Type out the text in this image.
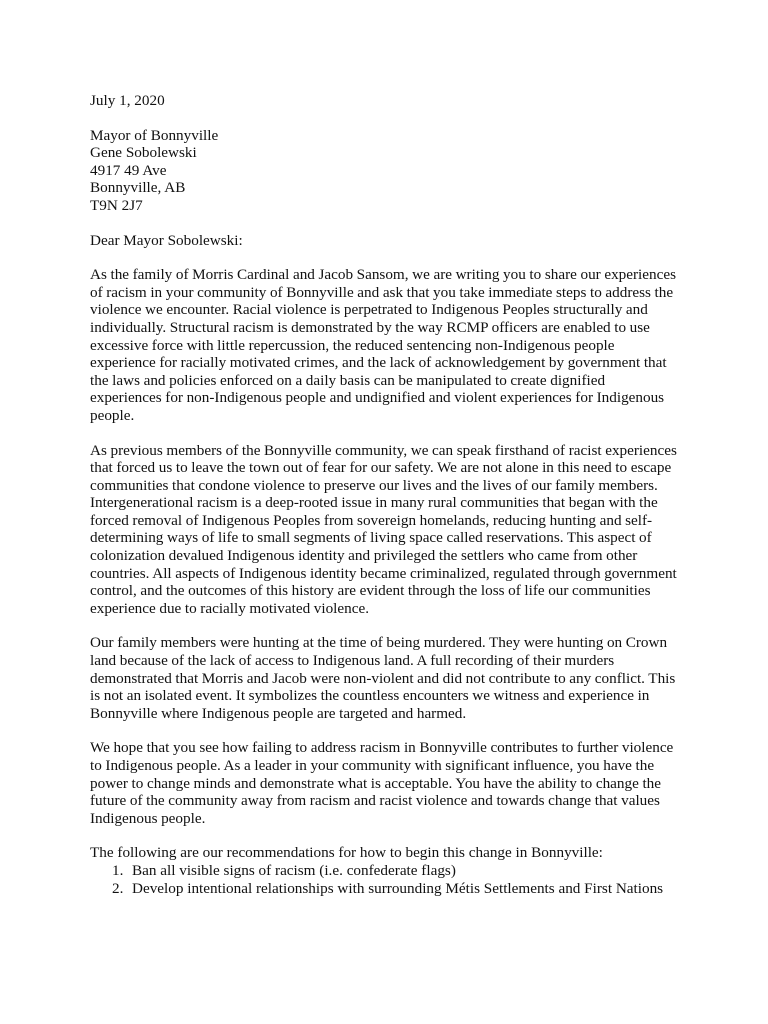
July 1, 2020
Mayor of Bonnyville
Gene Sobolewski
4917 49 Ave
Bonnyville, AB
T9N 2J7
Dear Mayor Sobolewski:

As the family of Morris Cardinal and Jacob Sansom, we are writing you to share our experiences of racism in your community of Bonnyville and ask that you take immediate steps to address the violence we encounter. Racial violence is perpetrated to Indigenous Peoples structurally and individually. Structural racism is demonstrated by the way RCMP officers are enabled to use excessive force with little repercussion, the reduced sentencing non-Indigenous people experience for racially motivated crimes, and the lack of acknowledgement by government that the laws and policies enforced on a daily basis can be manipulated to create dignified experiences for non-Indigenous people and undignified and violent experiences for Indigenous people.

As previous members of the Bonnyville community, we can speak firsthand of racist experiences that forced us to leave the town out of fear for our safety. We are not alone in this need to escape communities that condone violence to preserve our lives and the lives of our family members. Intergenerational racism is a deep-rooted issue in many rural communities that began with the forced removal of Indigenous Peoples from sovereign homelands, reducing hunting and self-determining ways of life to small segments of living space called reservations. This aspect of colonization devalued Indigenous identity and privileged the settlers who came from other countries. All aspects of Indigenous identity became criminalized, regulated through government control, and the outcomes of this history are evident through the loss of life our communities experience due to racially motivated violence.

Our family members were hunting at the time of being murdered. They were hunting on Crown land because of the lack of access to Indigenous land. A full recording of their murders demonstrated that Morris and Jacob were non-violent and did not contribute to any conflict. This is not an isolated event. It symbolizes the countless encounters we witness and experience in Bonnyville where Indigenous people are targeted and harmed.

We hope that you see how failing to address racism in Bonnyville contributes to further violence to Indigenous people. As a leader in your community with significant influence, you have the power to change minds and demonstrate what is acceptable. You have the ability to change the future of the community away from racism and racist violence and towards change that values Indigenous people.

The following are our recommendations for how to begin this change in Bonnyville:

1. Ban all visible signs of racism (i.e. confederate flags)
2. Develop intentional relationships with surrounding Métis Settlements and First Nations
